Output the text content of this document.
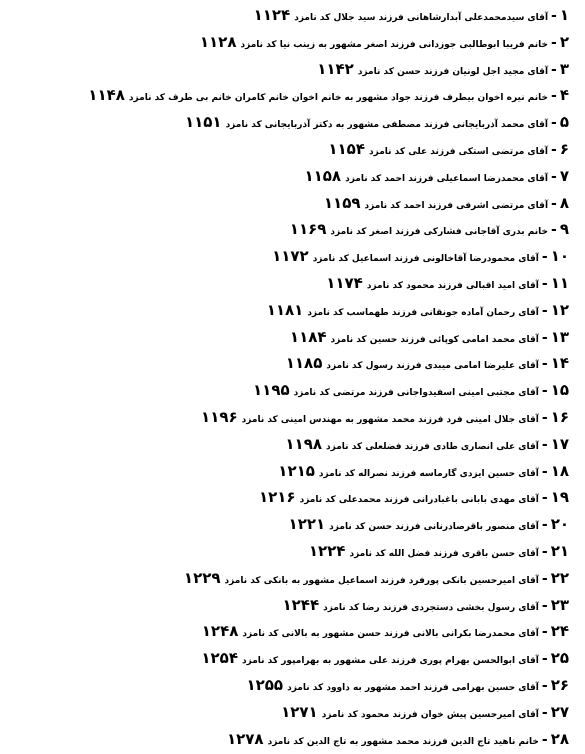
۱-آقای سیدمحمدعلی آبدارشاهانی فرزند سید جلال کد نامزد۱۱۲۴
۲-خانم فریبا ابوطالبی جوزدانی فرزند اصغر مشهور به زینب نیا کد نامزد۱۱۲۸
۳-آقای مجید اجل لونیان فرزند حسن کد نامزد۱۱۴۲
۴-خانم نیره اخوان بیطرف فرزند جواد مشهور به خانم اخوان خانم کامران خانم بی طرف کد نامزد۱۱۴۸
۵-آقای محمد آذربایجانی فرزند مصطفی مشهور به دکتر آذربایجانی کد نامزد۱۱۵۱
۶-آقای مرتضی استکی فرزند علی کد نامزد۱۱۵۴
۷-آقای محمدرضا اسماعیلی فرزند احمد کد نامزد۱۱۵۸
۸-آقای مرتضی اشرفی فرزند احمد کد نامزد۱۱۵۹
۹-خانم بدری آقاجانی فشارکی فرزند اصغر کد نامزد۱۱۶۹
۱۰-آقای محمودرضا آقاخالونی فرزند اسماعیل کد نامزد۱۱۷۲
۱۱-آقای امید اقبالی فرزند محمود کد نامزد۱۱۷۴
۱۲-آقای رحمان آماده جونقانی فرزند طهماسب کد نامزد۱۱۸۱
۱۳-آقای محمد امامی کوپائی فرزند حسین کد نامزد۱۱۸۴
۱۴-آقای علیرضا امامی میبدی فرزند رسول کد نامزد۱۱۸۵
۱۵-آقای مجتبی امینی اسفیدواجانی فرزند مرتضی کد نامزد۱۱۹۵
۱۶-آقای جلال امینی فرد فرزند محمد مشهور به مهندس امینی کد نامزد۱۱۹۶
۱۷-آقای علی انصاری طادی فرزند فضلعلی کد نامزد۱۱۹۸
۱۸-آقای حسین ایزدی گارماسه فرزند نصراله کد نامزد۱۲۱۵
۱۹-آقای مهدی بابانی باغبادرانی فرزند محمدعلی کد نامزد۱۲۱۶
۲۰-آقای منصور باقرصادرنانی فرزند حسن کد نامزد۱۲۲۱
۲۱-آقای حسن باقری فرزند فضل الله کد نامزد۱۲۲۴
۲۲-آقای امیرحسین بانکی پورفرد فرزند اسماعیل مشهور به بانکی کد نامزد۱۲۲۹
۲۳-آقای رسول بخشی دستجردی فرزند رضا کد نامزد۱۲۴۴
۲۴-آقای محمدرضا بکرانی بالانی فرزند حسن مشهور به بالانی کد نامزد۱۲۴۸
۲۵-آقای ابوالحسن بهرام پوری فرزند علی مشهور به بهرامپور کد نامزد۱۲۵۴
۲۶-آقای حسین بهرامی فرزند احمد مشهور به داوود کد نامزد۱۲۵۵
۲۷-آقای امیرحسین پیش خوان فرزند محمود کد نامزد۱۲۷۱
۲۸-خانم ناهید تاج الدین فرزند محمد مشهور به تاج الدین کد نامزد۱۲۷۸
